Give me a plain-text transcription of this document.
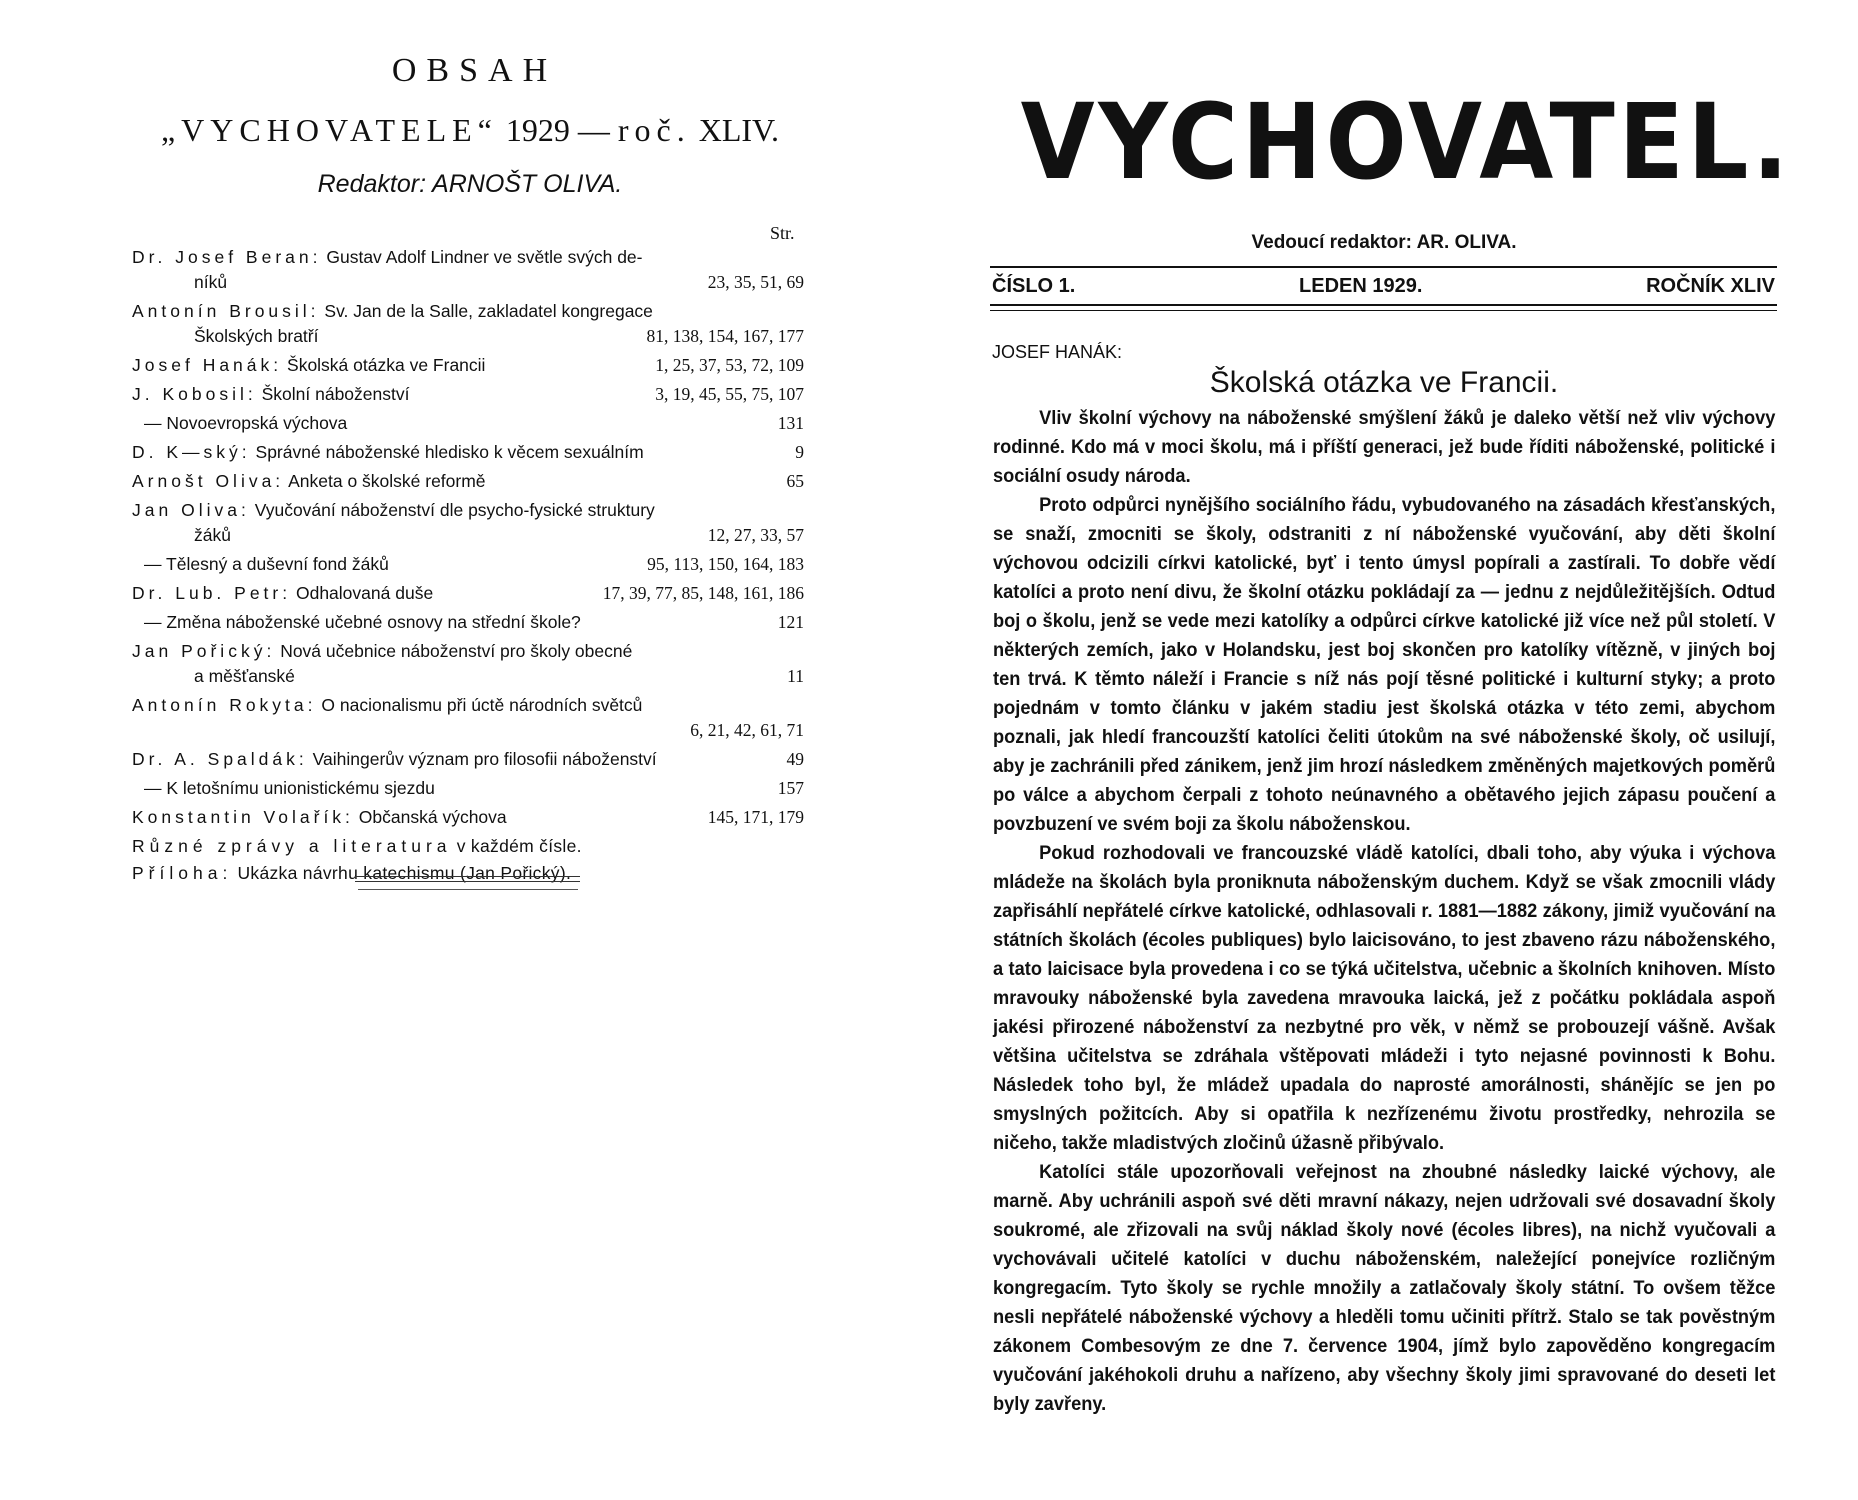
OBSAH
„VYCHOVATELE“ 1929 — roč. XLIV.
Redaktor: ARNOŠT OLIVA.
Str.
Dr. Josef Beran: Gustav Adolf Lindner ve světle svých de-
níků	23, 35, 51, 69
Antonín Brousil: Sv. Jan de la Salle, zakladatel kongregace
Školských bratří	81, 138, 154, 167, 177
Josef Hanák: Školská otázka ve Francii	1, 25, 37, 53, 72, 109
J. Kobosil: Školní náboženství	3, 19, 45, 55, 75, 107
— Novoevropská výchova	131
D. K—ský: Správné náboženské hledisko k věcem sexuálním	9
Arnošt Oliva: Anketa o školské reformě	65
Jan Oliva: Vyučování náboženství dle psycho-fysické struktury
žáků	12, 27, 33, 57
— Tělesný a duševní fond žáků	95, 113, 150, 164, 183
Dr. Lub. Petr: Odhalovaná duše	17, 39, 77, 85, 148, 161, 186
— Změna náboženské učebné osnovy na střední škole?	121
Jan Pořický: Nová učebnice náboženství pro školy obecné
a měšťanské	11
Antonín Rokyta: O nacionalismu při úctě národních světců
6, 21, 42, 61, 71
Dr. A. Spaldák: Vaihingerův význam pro filosofii náboženství	49
— K letošnímu unionistickému sjezdu	157
Konstantin Volařík: Občanská výchova	145, 171, 179
Různé zprávy a literatura v každém čísle.
Příloha: Ukázka návrhu katechismu (Jan Pořický).
VYCHOVATEL.
Vedoucí redaktor: AR. OLIVA.
ČÍSLO 1.	LEDEN 1929.	ROČNÍK XLIV
JOSEF HANÁK:
Školská otázka ve Francii.

Vliv školní výchovy na náboženské smýšlení žáků je daleko větší než vliv výchovy rodinné. Kdo má v moci školu, má i příští generaci, jež bude říditi náboženské, politické i sociální osudy národa.

Proto odpůrci nynějšího sociálního řádu, vybudovaného na zásadách křesťanských, se snaží, zmocniti se školy, odstraniti z ní náboženské vyučování, aby děti školní výchovou odcizili církvi katolické, byť i tento úmysl popírali a zastírali. To dobře vědí katolíci a proto není divu, že školní otázku pokládají za — jednu z nejdůležitějších. Odtud boj o školu, jenž se vede mezi katolíky a odpůrci církve katolické již více než půl století. V některých zemích, jako v Holandsku, jest boj skončen pro katolíky vítězně, v jiných boj ten trvá. K těmto náleží i Francie s níž nás pojí těsné politické i kulturní styky; a proto pojednám v tomto článku v jakém stadiu jest školská otázka v této zemi, abychom poznali, jak hledí francouzští katolíci čeliti útokům na své náboženské školy, oč usilují, aby je zachránili před zánikem, jenž jim hrozí následkem změněných majetkových poměrů po válce a abychom čerpali z tohoto neúnavného a obětavého jejich zápasu poučení a povzbuzení ve svém boji za školu náboženskou.

Pokud rozhodovali ve francouzské vládě katolíci, dbali toho, aby výuka i výchova mládeže na školách byla proniknuta náboženským duchem. Když se však zmocnili vlády zapřisáhlí nepřátelé církve katolické, odhlasovali r. 1881—1882 zákony, jimiž vyučování na státních školách (écoles publiques) bylo laicisováno, to jest zbaveno rázu náboženského, a tato laicisace byla provedena i co se týká učitelstva, učebnic a školních knihoven. Místo mravouky náboženské byla zavedena mravouka laická, jež z počátku pokládala aspoň jakési přirozené náboženství za nezbytné pro věk, v němž se probouzejí vášně. Avšak většina učitelstva se zdráhala vštěpovati mládeži i tyto nejasné povinnosti k Bohu. Následek toho byl, že mládež upadala do naprosté amorálnosti, shánějíc se jen po smyslných požitcích. Aby si opatřila k nezřízenému životu prostředky, nehrozila se ničeho, takže mladistvých zločinů úžasně přibývalo.

Katolíci stále upozorňovali veřejnost na zhoubné následky laické výchovy, ale marně. Aby uchránili aspoň své děti mravní nákazy, nejen udržovali své dosavadní školy soukromé, ale zřizovali na svůj náklad školy nové (écoles libres), na nichž vyučovali a vychovávali učitelé katolíci v duchu náboženském, naležející ponejvíce rozličným kongregacím. Tyto školy se rychle množily a zatlačovaly školy státní. To ovšem těžce nesli nepřátelé náboženské výchovy a hleděli tomu učiniti přítrž. Stalo se tak pověstným zákonem Combesovým ze dne 7. července 1904, jímž bylo zapověděno kongregacím vyučování jakéhokoli druhu a nařízeno, aby všechny školy jimi spravované do deseti let byly zavřeny.
